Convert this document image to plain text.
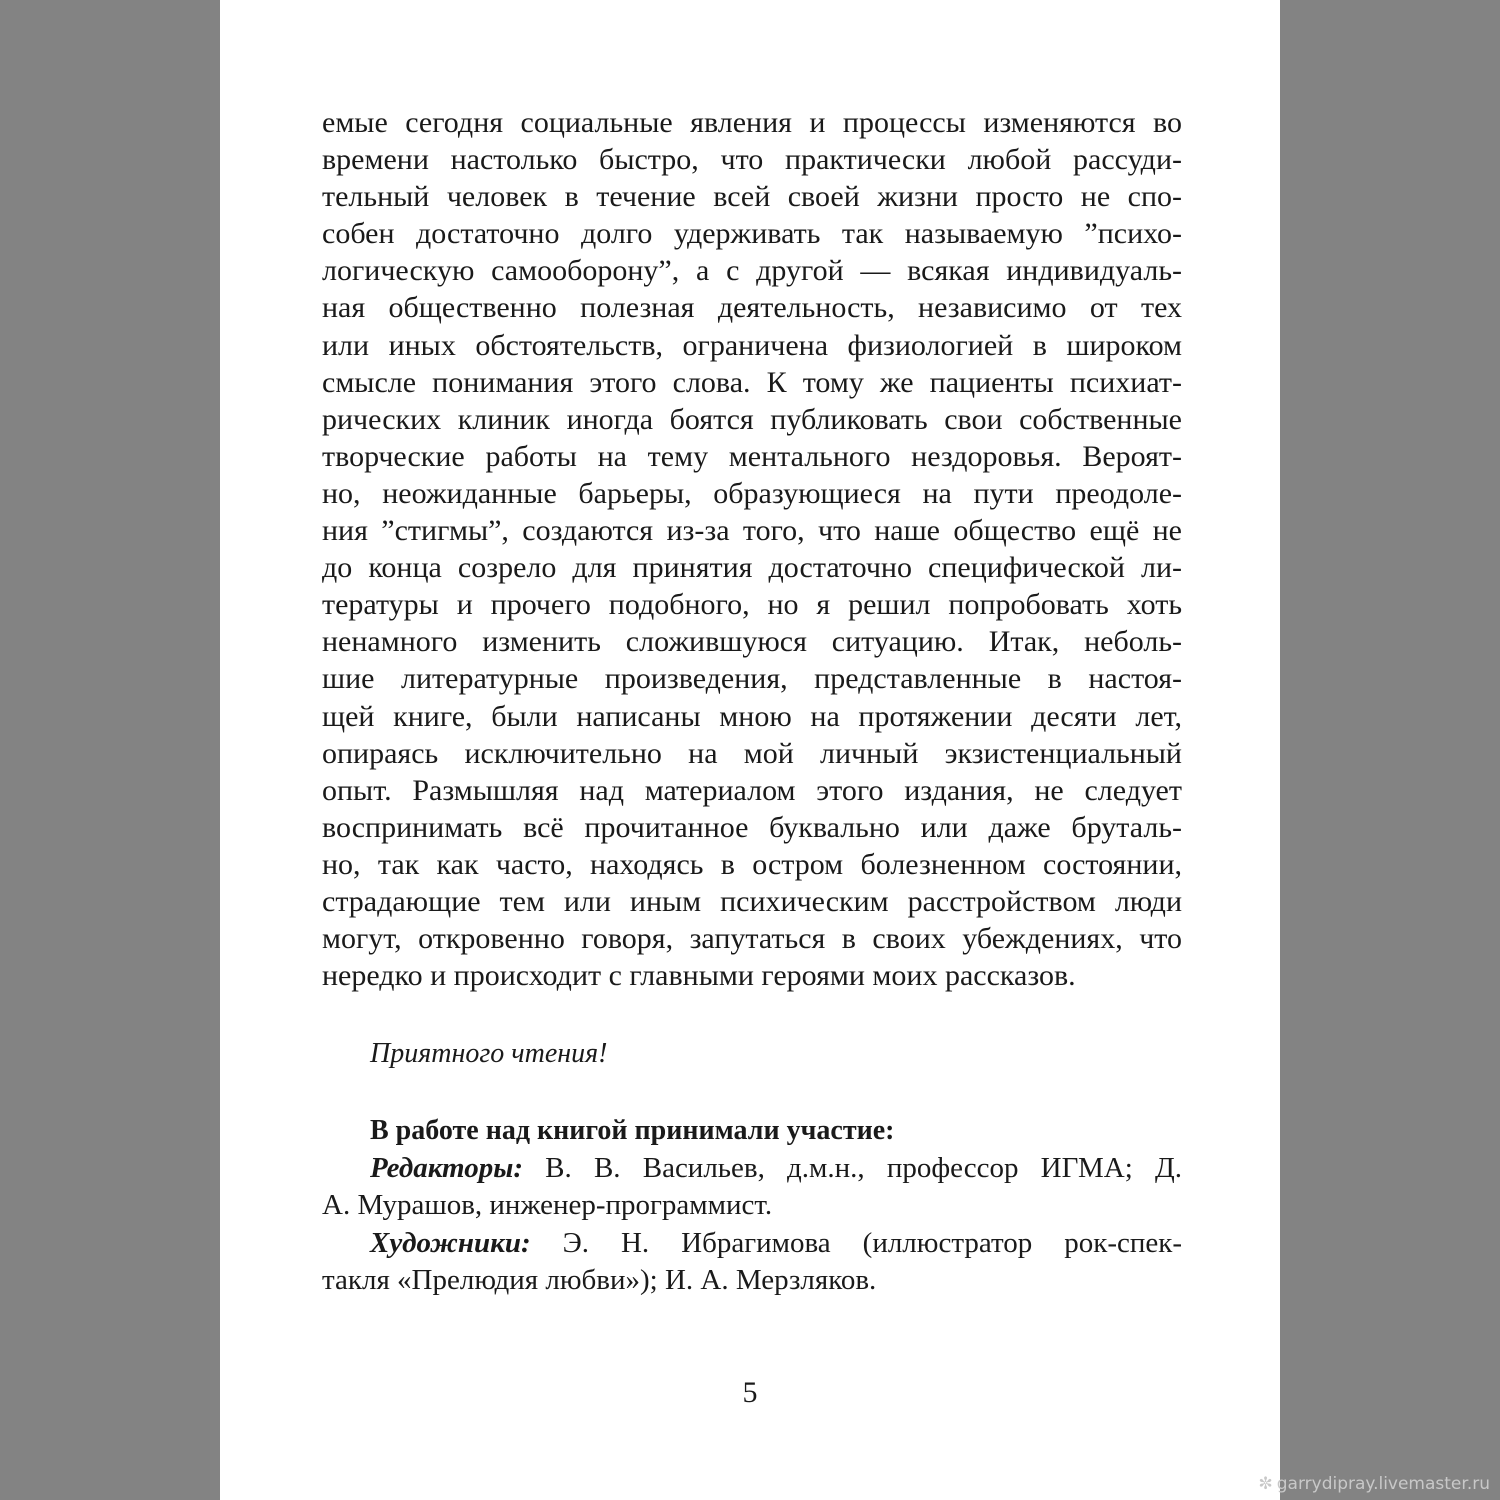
емые сегодня социальные явления и процессы изменяются во
времени настолько быстро, что практически любой рассуди-
тельный человек в течение всей своей жизни просто не спо-
собен достаточно долго удерживать так называемую ”психо-
логическую самооборону”, а с другой — всякая индивидуаль-
ная общественно полезная деятельность, независимо от тех
или иных обстоятельств, ограничена физиологией в широком
смысле понимания этого слова. К тому же пациенты психиат-
рических клиник иногда боятся публиковать свои собственные
творческие работы на тему ментального нездоровья. Вероят-
но, неожиданные барьеры, образующиеся на пути преодоле-
ния ”стигмы”, создаются из-за того, что наше общество ещё не
до конца созрело для принятия достаточно специфической ли-
тературы и прочего подобного, но я решил попробовать хоть
ненамного изменить сложившуюся ситуацию. Итак, неболь-
шие литературные произведения, представленные в настоя-
щей книге, были написаны мною на протяжении десяти лет,
опираясь исключительно на мой личный экзистенциальный
опыт. Размышляя над материалом этого издания, не следует
воспринимать всё прочитанное буквально или даже бруталь-
но, так как часто, находясь в остром болезненном состоянии,
страдающие тем или иным психическим расстройством люди
могут, откровенно говоря, запутаться в своих убеждениях, что
нередко и происходит с главными героями моих рассказов.
Приятного чтения!
В работе над книгой принимали участие:
Редакторы: В. В. Васильев, д.м.н., профессор ИГМА; Д.
А. Мурашов, инженер-программист.
Художники: Э. Н. Ибрагимова (иллюстратор рок-спек-
такля «Прелюдия любви»); И. А. Мерзляков.
5
✼ garrydipray.livemaster.ru
